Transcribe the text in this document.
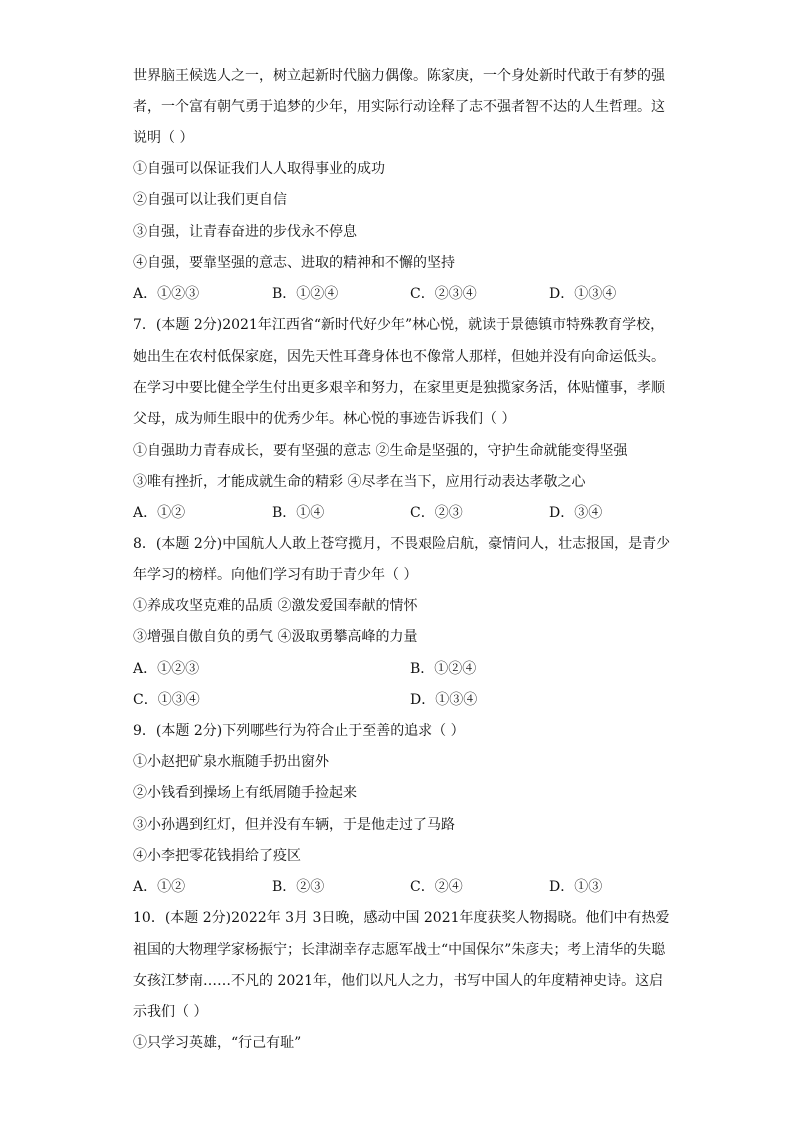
世界脑王候选人之一，树立起新时代脑力偶像。陈家庚，一个身处新时代敢于有梦的强
者，一个富有朝气勇于追梦的少年，用实际行动诠释了志不强者智不达的人生哲理。这
说明（ ）
①自强可以保证我们人人取得事业的成功
②自强可以让我们更自信
③自强，让青春奋进的步伐永不停息
④自强，要靠坚强的意志、进取的精神和不懈的坚持
A．①②③	B．①②④	C．②③④	D．①③④
7．(本题 2分)2021年江西省“新时代好少年”林心悦，就读于景德镇市特殊教育学校，
她出生在农村低保家庭，因先天性耳聋身体也不像常人那样，但她并没有向命运低头。
在学习中要比健全学生付出更多艰辛和努力，在家里更是独揽家务活，体贴懂事，孝顺
父母，成为师生眼中的优秀少年。林心悦的事迹告诉我们（ ）
①自强助力青春成长，要有坚强的意志 ②生命是坚强的，守护生命就能变得坚强
③唯有挫折，才能成就生命的精彩 ④尽孝在当下，应用行动表达孝敬之心
A．①②	B．①④	C．②③	D．③④
8．(本题 2分)中国航人人敢上苍穹揽月，不畏艰险启航，豪情问人，壮志报国，是青少
年学习的榜样。向他们学习有助于青少年（ ）
①养成攻坚克难的品质 ②激发爱国奉献的情怀
③增强自傲自负的勇气 ④汲取勇攀高峰的力量
A．①②③	B．①②④
C．①③④	D．①③④
9．(本题 2分)下列哪些行为符合止于至善的追求（ ）
①小赵把矿泉水瓶随手扔出窗外
②小钱看到操场上有纸屑随手捡起来
③小孙遇到红灯，但并没有车辆，于是他走过了马路
④小李把零花钱捐给了疫区
A．①②	B．②③	C．②④	D．①③
10．(本题 2分)2022年 3月 3日晚，感动中国 2021年度获奖人物揭晓。他们中有热爱
祖国的大物理学家杨振宁；长津湖幸存志愿军战士“中国保尔”朱彦夫；考上清华的失聪
女孩江梦南……不凡的 2021年，他们以凡人之力，书写中国人的年度精神史诗。这启
示我们（ ）
①只学习英雄，“行己有耻”
